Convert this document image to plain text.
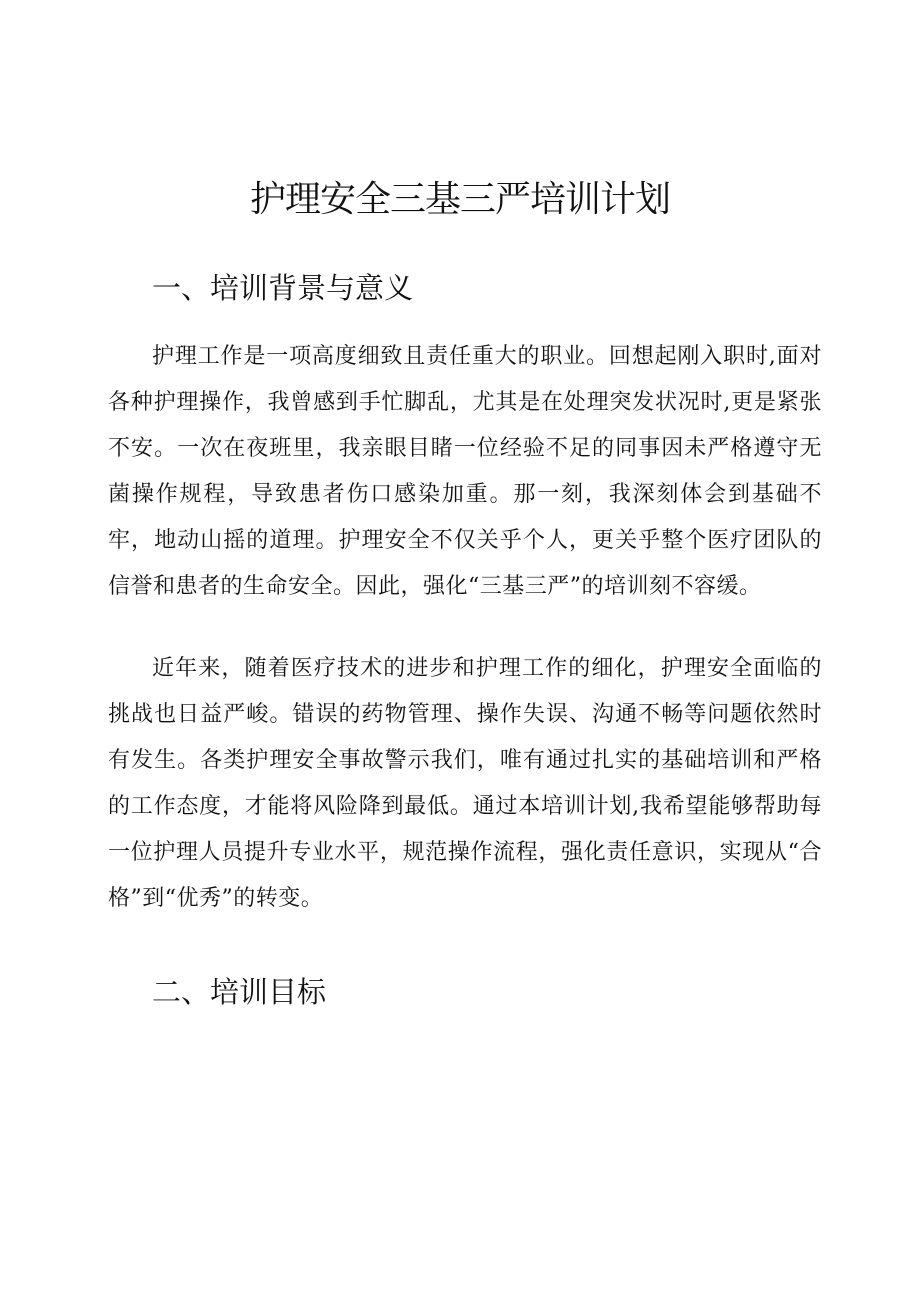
护理安全三基三严培训计划
一、培训背景与意义

护理工作是一项高度细致且责任重大的职业。回想起刚入职时,面对各种护理操作，我曾感到手忙脚乱，尤其是在处理突发状况时,更是紧张不安。一次在夜班里，我亲眼目睹一位经验不足的同事因未严格遵守无菌操作规程，导致患者伤口感染加重。那一刻，我深刻体会到基础不牢，地动山摇的道理。护理安全不仅关乎个人，更关乎整个医疗团队的信誉和患者的生命安全。因此，强化“三基三严”的培训刻不容缓。

近年来，随着医疗技术的进步和护理工作的细化，护理安全面临的挑战也日益严峻。错误的药物管理、操作失误、沟通不畅等问题依然时有发生。各类护理安全事故警示我们，唯有通过扎实的基础培训和严格的工作态度，才能将风险降到最低。通过本培训计划,我希望能够帮助每一位护理人员提升专业水平，规范操作流程，强化责任意识，实现从“合格”到“优秀”的转变。

二、培训目标
